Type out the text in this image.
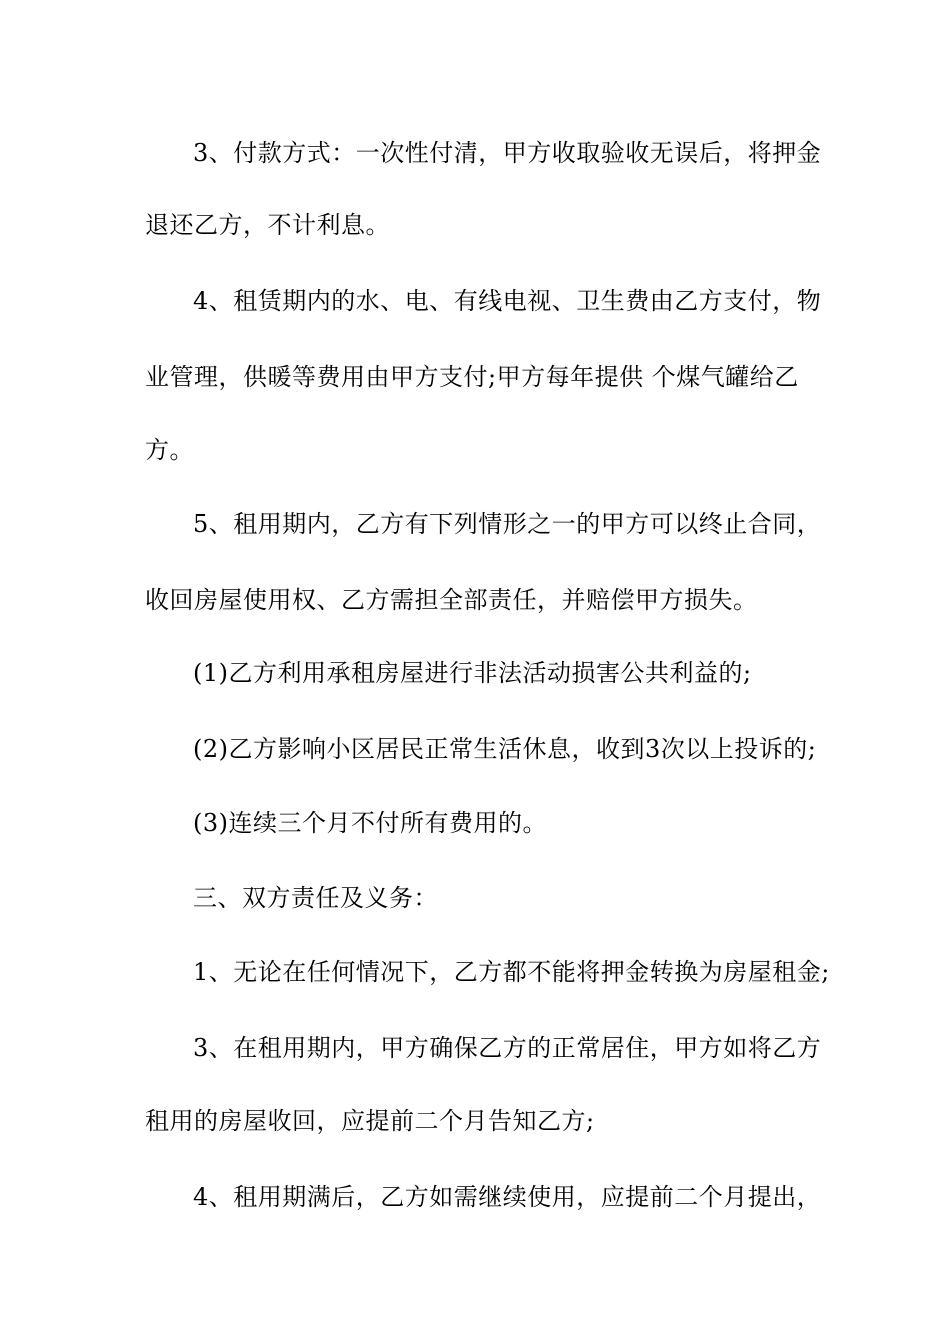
3、付款方式：一次性付清，甲方收取验收无误后，将押金
退还乙方，不计利息。
4、租赁期内的水、电、有线电视、卫生费由乙方支付，物
业管理，供暖等费用由甲方支付;甲方每年提供 个煤气罐给乙
方。
5、租用期内，乙方有下列情形之一的甲方可以终止合同，
收回房屋使用权、乙方需担全部责任，并赔偿甲方损失。
(1)乙方利用承租房屋进行非法活动损害公共利益的;
(2)乙方影响小区居民正常生活休息，收到3次以上投诉的;
(3)连续三个月不付所有费用的。
三、双方责任及义务：
1、无论在任何情况下，乙方都不能将押金转换为房屋租金;
3、在租用期内，甲方确保乙方的正常居住，甲方如将乙方
租用的房屋收回，应提前二个月告知乙方;
4、租用期满后，乙方如需继续使用，应提前二个月提出，
